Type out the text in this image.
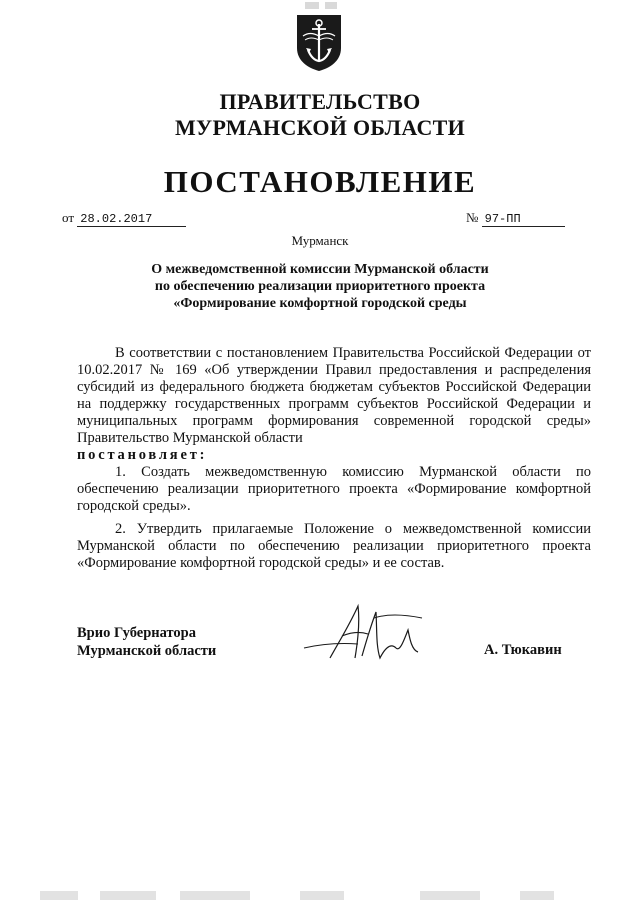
ПРАВИТЕЛЬСТВО
МУРМАНСКОЙ ОБЛАСТИ
ПОСТАНОВЛЕНИЕ
от 28.02.2017	№ 97-ПП
Мурманск
О межведомственной комиссии Мурманской области
по обеспечению реализации приоритетного проекта
«Формирование комфортной городской среды

В соответствии с постановлением Правительства Российской Федерации от 10.02.2017 № 169 «Об утверждении Правил предоставления и распределения субсидий из федерального бюджета бюджетам субъектов Российской Федерации на поддержку государственных программ субъектов Российской Федерации и муниципальных программ формирования современной городской среды» Правительство Мурманской области

постановляет:

1. Создать межведомственную комиссию Мурманской области по обеспечению реализации приоритетного проекта «Формирование комфортной городской среды».

2. Утвердить прилагаемые Положение о межведомственной комиссии Мурманской области по обеспечению реализации приоритетного проекта «Формирование комфортной городской среды» и ее состав.

Врио Губернатора
Мурманской области	А. Тюкавин
